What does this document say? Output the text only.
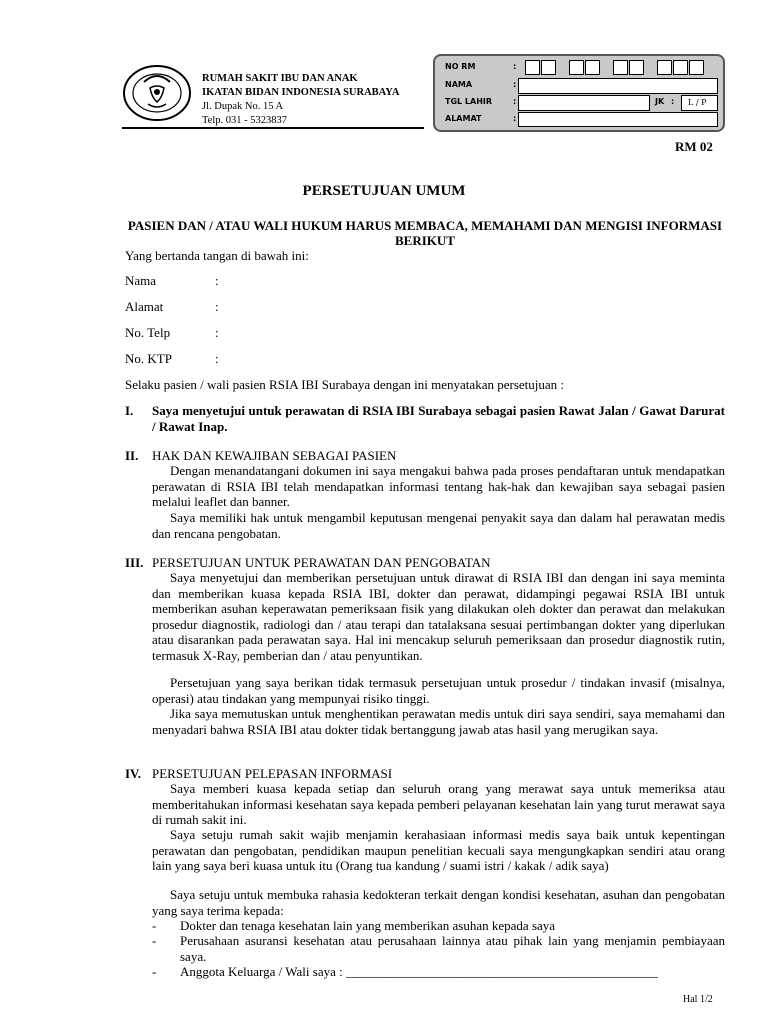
RUMAH SAKIT IBU DAN ANAK
IKATAN BIDAN INDONESIA SURABAYA
Jl. Dupak No. 15 A
Telp. 031 - 5323837
NO RM	:
NAMA	:
TGL LAHIR	:	JK :	L / P
ALAMAT	:
RM 02
PERSETUJUAN UMUM
PASIEN DAN / ATAU WALI HUKUM HARUS MEMBACA, MEMAHAMI DAN MENGISI INFORMASI BERIKUT
Yang bertanda tangan di bawah ini:
Nama	:
Alamat	:
No. Telp	:
No. KTP	:
Selaku pasien / wali pasien RSIA IBI Surabaya dengan ini menyatakan persetujuan :
I. Saya menyetujui untuk perawatan di RSIA IBI Surabaya sebagai pasien Rawat Jalan / Gawat Darurat / Rawat Inap.
II. HAK DAN KEWAJIBAN SEBAGAI PASIEN
Dengan menandatangani dokumen ini saya mengakui bahwa pada proses pendaftaran untuk mendapatkan perawatan di RSIA IBI telah mendapatkan informasi tentang hak-hak dan kewajiban saya sebagai pasien melalui leaflet dan banner.
Saya memiliki hak untuk mengambil keputusan mengenai penyakit saya dan dalam hal perawatan medis dan rencana pengobatan.
III. PERSETUJUAN UNTUK PERAWATAN DAN PENGOBATAN
Saya menyetujui dan memberikan persetujuan untuk dirawat di RSIA IBI dan dengan ini saya meminta dan memberikan kuasa kepada RSIA IBI, dokter dan perawat, didampingi pegawai RSIA IBI untuk memberikan asuhan keperawatan pemeriksaan fisik yang dilakukan oleh dokter dan perawat dan melakukan prosedur diagnostik, radiologi dan / atau terapi dan tatalaksana sesuai pertimbangan dokter yang diperlukan atau disarankan pada perawatan saya. Hal ini mencakup seluruh pemeriksaan dan prosedur diagnostik rutin, termasuk X-Ray, pemberian dan / atau penyuntikan.
Persetujuan yang saya berikan tidak termasuk persetujuan untuk prosedur / tindakan invasif (misalnya, operasi) atau tindakan yang mempunyai risiko tinggi.
Jika saya memutuskan untuk menghentikan perawatan medis untuk diri saya sendiri, saya memahami dan menyadari bahwa RSIA IBI atau dokter tidak bertanggung jawab atas hasil yang merugikan saya.
IV. PERSETUJUAN PELEPASAN INFORMASI
Saya memberi kuasa kepada setiap dan seluruh orang yang merawat saya untuk memeriksa atau memberitahukan informasi kesehatan saya kepada pemberi pelayanan kesehatan lain yang turut merawat saya di rumah sakit ini.
Saya setuju rumah sakit wajib menjamin kerahasiaan informasi medis saya baik untuk kepentingan perawatan dan pengobatan, pendidikan maupun penelitian kecuali saya mengungkapkan sendiri atau orang lain yang saya beri kuasa untuk itu (Orang tua kandung / suami istri / kakak / adik saya)
Saya setuju untuk membuka rahasia kedokteran terkait dengan kondisi kesehatan, asuhan dan pengobatan yang saya terima kepada:
- Dokter dan tenaga kesehatan lain yang memberikan asuhan kepada saya
- Perusahaan asuransi kesehatan atau perusahaan lainnya atau pihak lain yang menjamin pembiayaan saya.
- Anggota Keluarga / Wali saya : ________________________________________________
Hal 1/2
